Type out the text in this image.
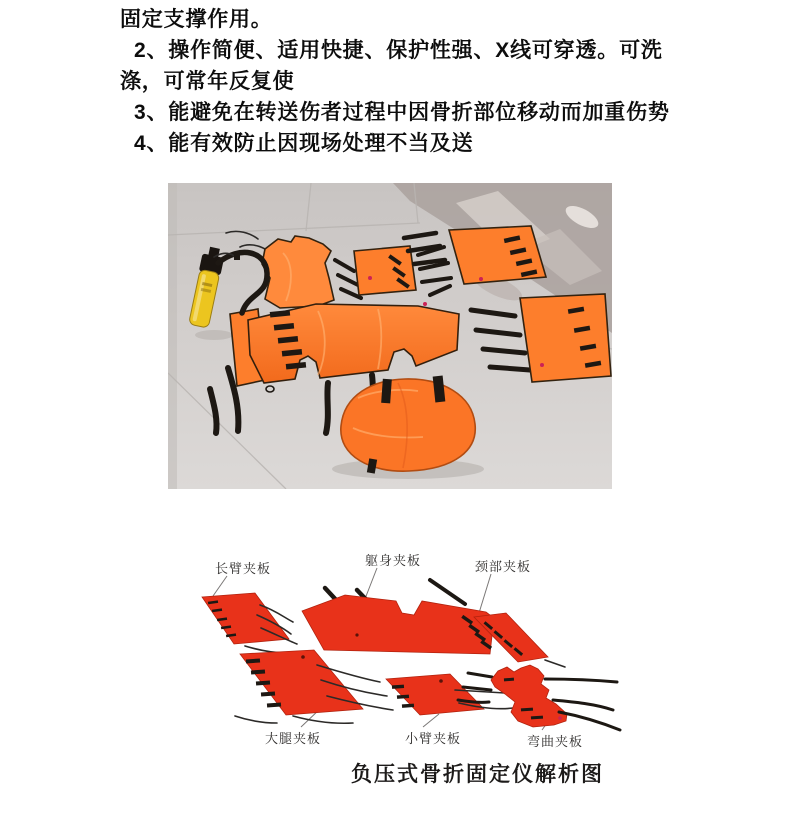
固定支撑作用。
2、操作简便、适用快捷、保护性强、X线可穿透。可洗
涤，可常年反复使
3、能避免在转送伤者过程中因骨折部位移动而加重伤势
4、能有效防止因现场处理不当及送
长臂夹板
躯身夹板	颈部夹板
大腿夹板	小臂夹板	弯曲夹板
负压式骨折固定仪解析图
